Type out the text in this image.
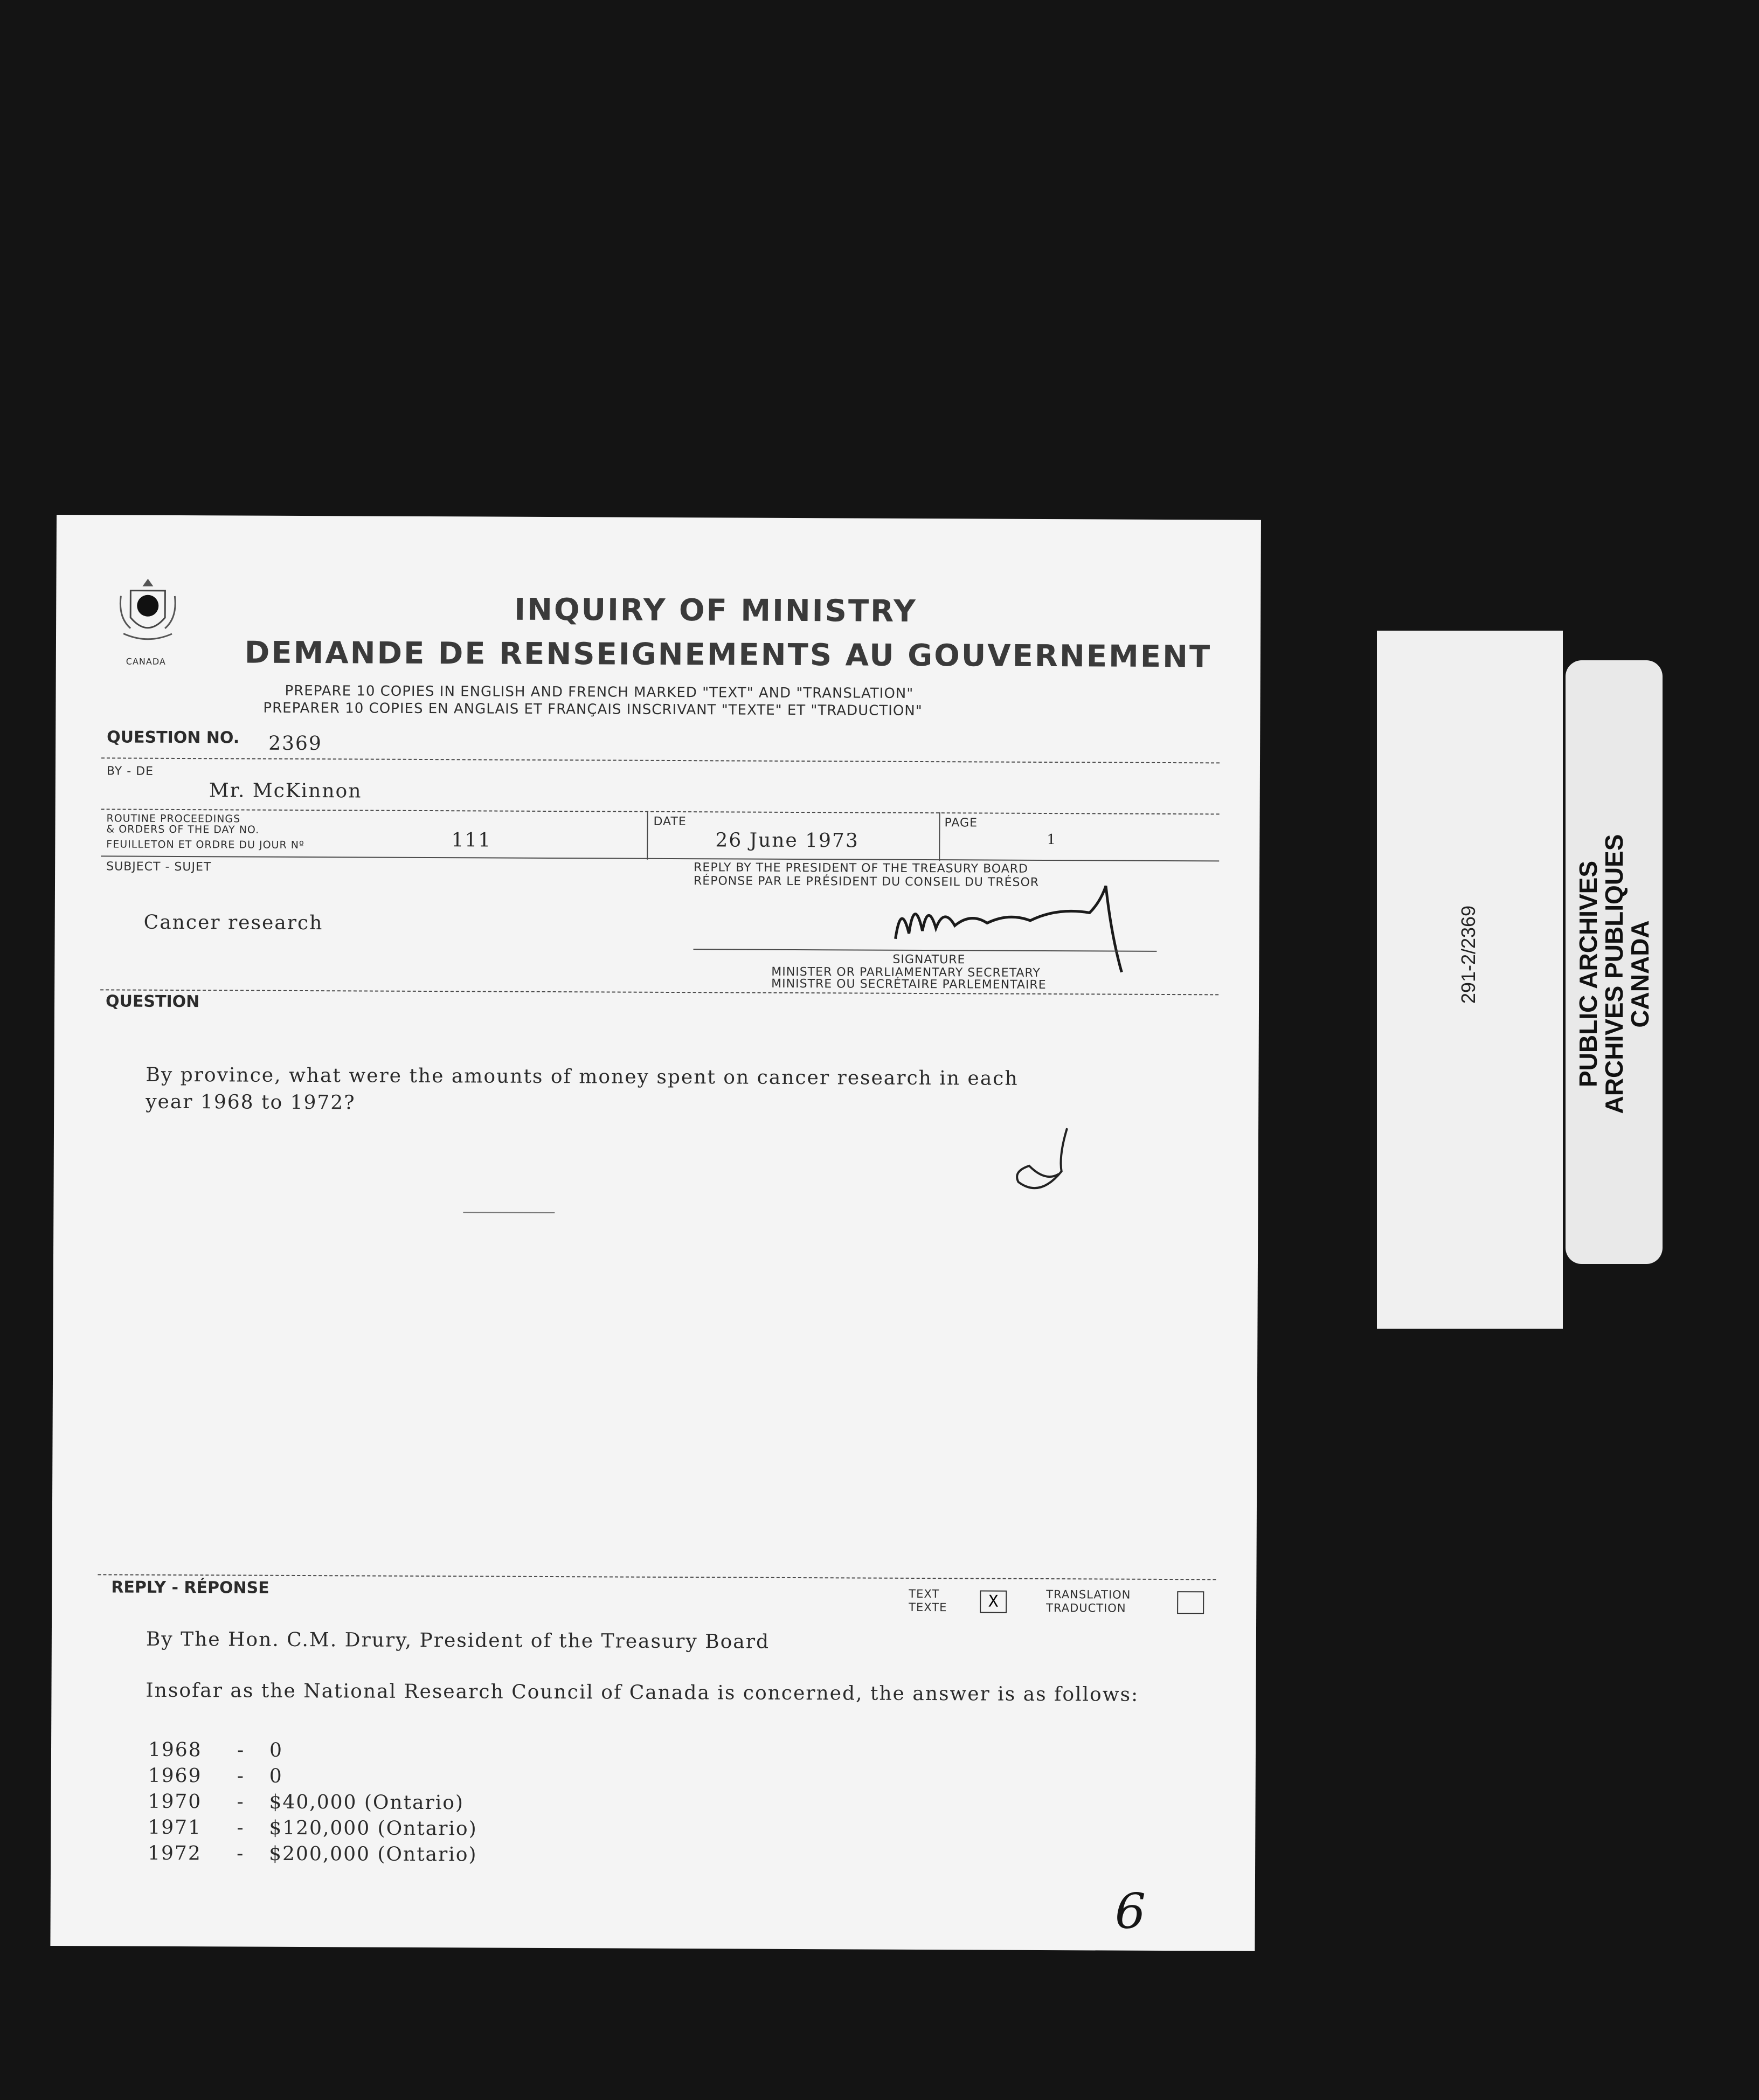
CANADA
INQUIRY OF MINISTRY
DEMANDE DE RENSEIGNEMENTS AU GOUVERNEMENT
PREPARE 10 COPIES IN ENGLISH AND FRENCH MARKED "TEXT" AND "TRANSLATION"
PREPARER 10 COPIES EN ANGLAIS ET FRANÇAIS INSCRIVANT "TEXTE" ET "TRADUCTION"
QUESTION NO. 2369
BY - DE
Mr. McKinnon
ROUTINE PROCEEDINGS
& ORDERS OF THE DAY NO.
FEUILLETON ET ORDRE DU JOUR Nº	111
DATE
26 June 1973
PAGE
1
SUBJECT - SUJET
Cancer research
REPLY BY THE PRESIDENT OF THE TREASURY BOARD
RÉPONSE PAR LE PRÉSIDENT DU CONSEIL DU TRÉSOR
SIGNATURE
MINISTER OR PARLIAMENTARY SECRETARY
MINISTRE OU SECRÉTAIRE PARLEMENTAIRE
QUESTION
By province, what were the amounts of money spent on cancer research in each
year 1968 to 1972?
REPLY - RÉPONSE	TEXT
TEXTE	X	TRANSLATION
TRADUCTION
By The Hon. C.M. Drury, President of the Treasury Board
Insofar as the National Research Council of Canada is concerned, the answer is as follows:
1968 - 0
1969 - 0
1970 - $40,000 (Ontario)
1971 - $120,000 (Ontario)
1972 - $200,000 (Ontario)
6
291-2/2369	PUBLIC ARCHIVES
ARCHIVES PUBLIQUES
CANADA
